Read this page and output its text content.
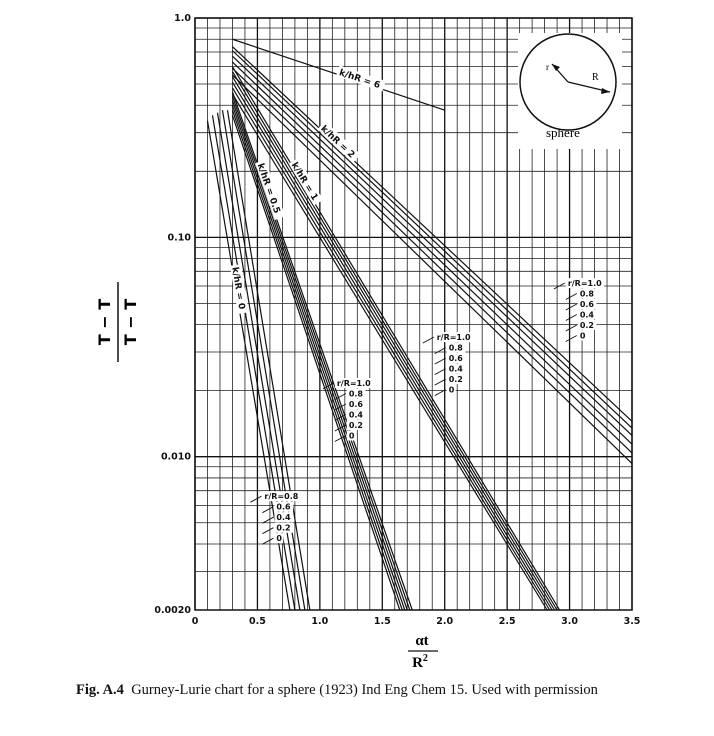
0	0.5	1.0	1.5	2.0	2.5	3.0	3.5
1.0
0.10
0.010
0.0020
k/hR = 6
k/hR = 2
k/hR = 1
k/hR = 0.5
k/hR = 0	r/R=1.0
0.8
0.6
0.4
0.2
0
r/R=1.0
0.8
0.6
0.4
0.2
0
r/R=1.0
0.8
0.6
0.4
0.2
0
r/R=0.8
0.6
0.4
0.2
0
r
R
sphere
T − T T − T
αt
$R^2$
Fig. A.4 Gurney-Lurie chart for a sphere (1923) Ind Eng Chem 15. Used with permission
